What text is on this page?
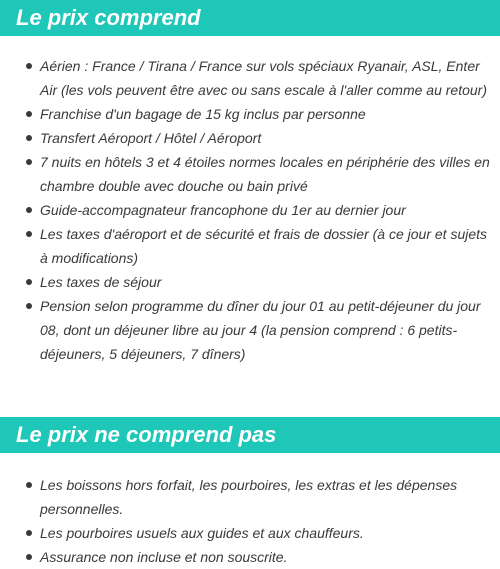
Le prix comprend
Aérien : France / Tirana / France sur vols spéciaux Ryanair, ASL, Enter Air (les vols peuvent être avec ou sans escale à l'aller comme au retour)
Franchise d'un bagage de 15 kg inclus par personne
Transfert Aéroport / Hôtel / Aéroport
7 nuits en hôtels 3 et 4 étoiles normes locales en périphérie des villes en chambre double avec douche ou bain privé
Guide-accompagnateur francophone du 1er au dernier jour
Les taxes d'aéroport et de sécurité et frais de dossier (à ce jour et sujets à modifications)
Les taxes de séjour
Pension selon programme du dîner du jour 01 au petit-déjeuner du jour 08, dont un déjeuner libre au jour 4 (la pension comprend : 6 petits-déjeuners, 5 déjeuners, 7 dîners)
Le prix ne comprend pas
Les boissons hors forfait, les pourboires, les extras et les dépenses personnelles.
Les pourboires usuels aux guides et aux chauffeurs.
Assurance non incluse et non souscrite.
